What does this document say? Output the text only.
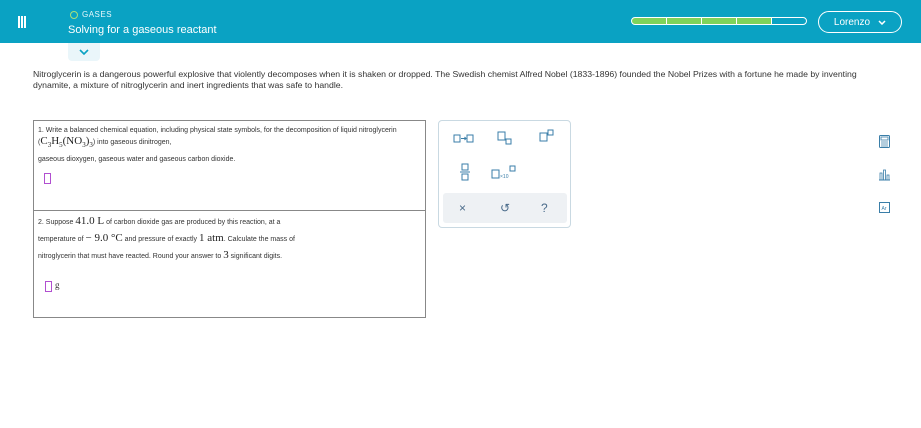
GASES
Solving for a gaseous reactant
Lorenzo
Nitroglycerin is a dangerous powerful explosive that violently decomposes when it is shaken or dropped. The Swedish chemist Alfred Nobel (1833-1896) founded the Nobel Prizes with a fortune he made by inventing dynamite, a mixture of nitroglycerin and inert ingredients that was safe to handle.
1. Write a balanced chemical equation, including physical state symbols, for the decomposition of liquid nitroglycerin $(C_3H_5(NO_3)_3)$ into gaseous dinitrogen,
gaseous dioxygen, gaseous water and gaseous carbon dioxide.
2. Suppose 41.0 L of carbon dioxide gas are produced by this reaction, at a
temperature of − 9.0 °C and pressure of exactly 1 atm. Calculate the mass of
nitroglycerin that must have reacted. Round your answer to 3 significant digits.
g
×10
×	↺	?	Ar
